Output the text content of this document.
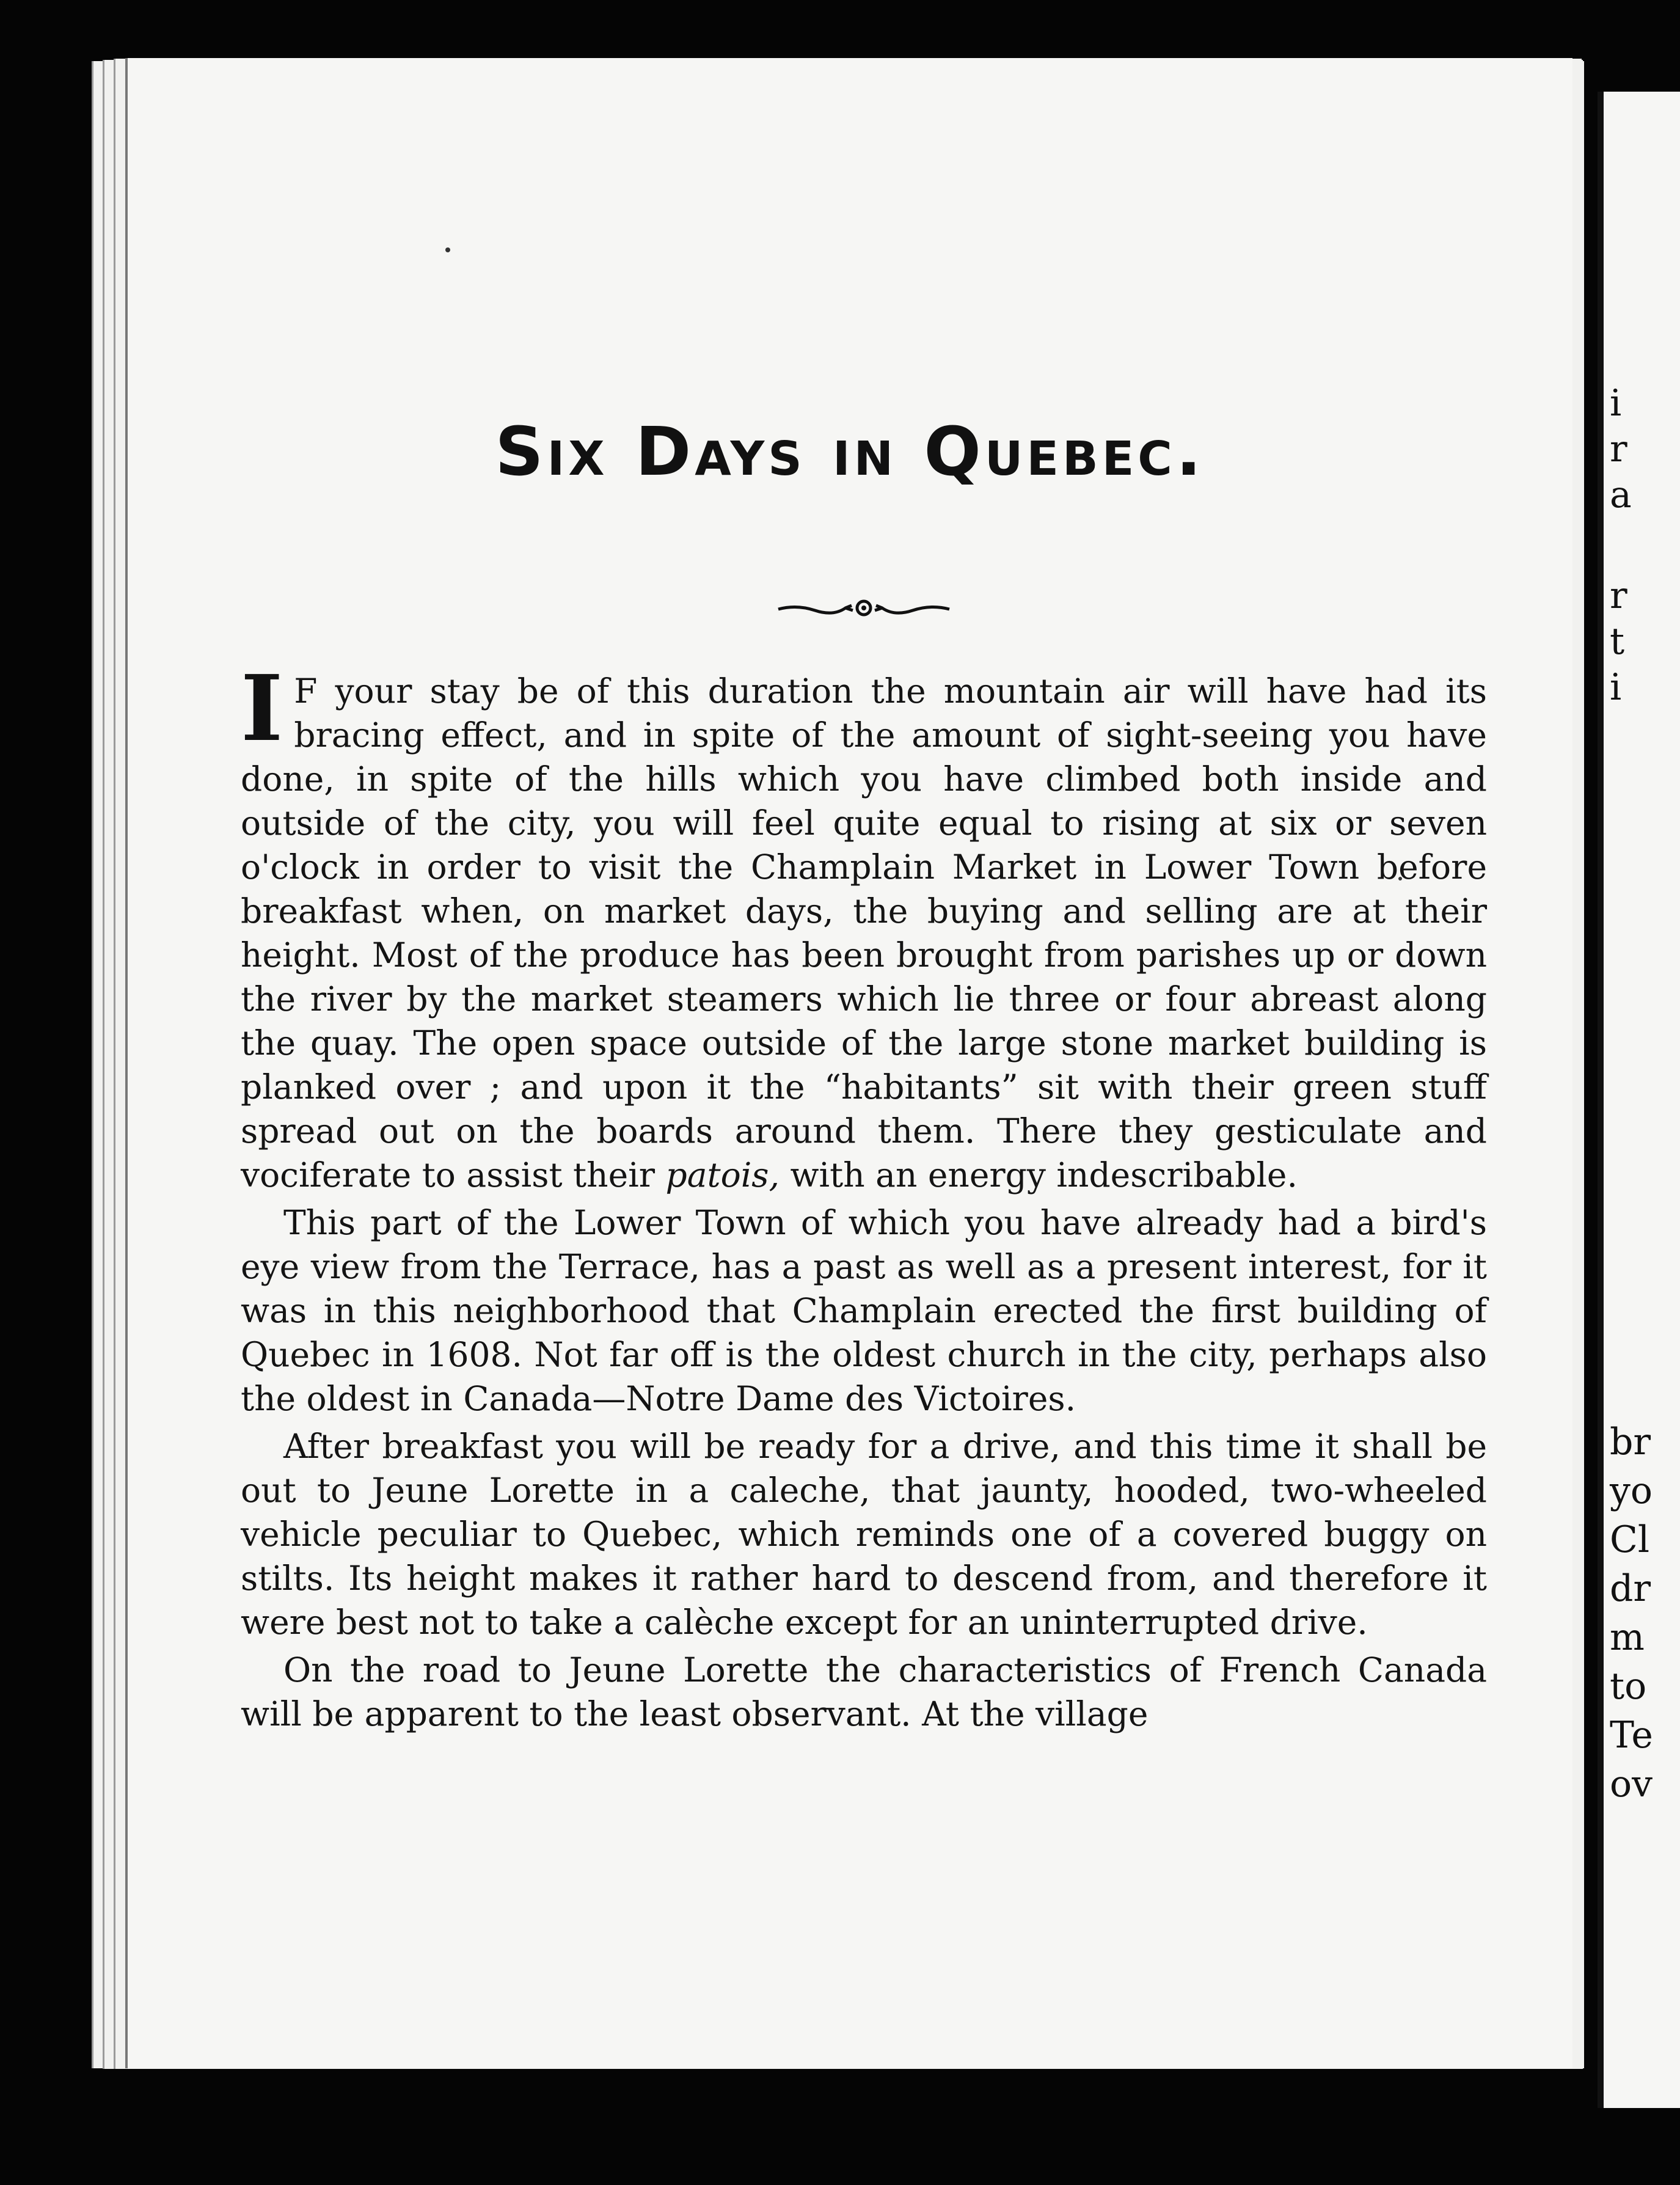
Six Days in Quebec.

I F your stay be of this duration the mountain air will have had its bracing effect, and in spite of the amount of sight-seeing you have done, in spite of the hills which you have climbed both inside and outside of the city, you will feel quite equal to rising at six or seven o'clock in order to visit the Champlain Market in Lower Town before breakfast when, on market days, the buying and selling are at their height. Most of the produce has been brought from parishes up or down the river by the market steamers which lie three or four abreast along the quay. The open space outside of the large stone market building is planked over ; and upon it the “habitants” sit with their green stuff spread out on the boards around them. There they gesticulate and vociferate to assist their patois, with an energy indescribable.

This part of the Lower Town of which you have already had a bird's eye view from the Terrace, has a past as well as a present interest, for it was in this neighborhood that Champlain erected the first building of Quebec in 1608. Not far off is the oldest church in the city, perhaps also the oldest in Canada—Notre Dame des Victoires.

After breakfast you will be ready for a drive, and this time it shall be out to Jeune Lorette in a caleche, that jaunty, hooded, two-wheeled vehicle peculiar to Quebec, which reminds one of a covered buggy on stilts. Its height makes it rather hard to descend from, and therefore it were best not to take a calèche except for an uninterrupted drive.

On the road to Jeune Lorette the characteristics of French Canada will be apparent to the least observant. At the village

i
r
a
r
t
i
br
yo
Cl
dr
m
to
Te
ov
